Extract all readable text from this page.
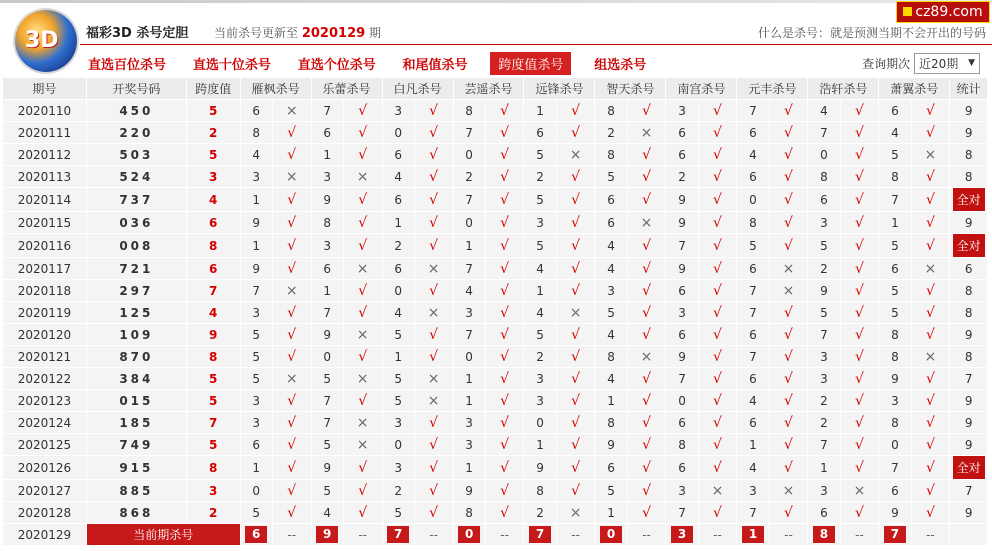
3D 福彩3D 杀号定胆 当前杀号更新至 2020129 期
cz89.com
什么是杀号：就是预测当期不会开出的号码
直选百位杀号 直选十位杀号 直选个位杀号 和尾值杀号 跨度值杀号 组选杀号	查询期次 近20期 ▼
期号	开奖号码	跨度值	雁枫杀号		乐蕾杀号		白凡杀号		芸遥杀号		远锋杀号		智天杀号		南宫杀号		元丰杀号		浩轩杀号		萧翼杀号		统计
2020110	450	5	6	×	7	√	3	√	8	√	1	√	8	√	3	√	7	√	4	√	6	√	9
2020111	220	2	8	√	6	√	0	√	7	√	6	√	2	×	6	√	6	√	7	√	4	√	9
2020112	503	5	4	√	1	√	6	√	0	√	5	×	8	√	6	√	4	√	0	√	5	×	8
2020113	524	3	3	×	3	×	4	√	2	√	2	√	5	√	2	√	6	√	8	√	8	√	8
2020114	737	4	1	√	9	√	6	√	7	√	5	√	6	√	9	√	0	√	6	√	7	√	全对
2020115	036	6	9	√	8	√	1	√	0	√	3	√	6	×	9	√	8	√	3	√	1	√	9
2020116	008	8	1	√	3	√	2	√	1	√	5	√	4	√	7	√	5	√	5	√	5	√	全对
2020117	721	6	9	√	6	×	6	×	7	√	4	√	4	√	9	√	6	×	2	√	6	×	6
2020118	297	7	7	×	1	√	0	√	4	√	1	√	3	√	6	√	7	×	9	√	5	√	8
2020119	125	4	3	√	7	√	4	×	3	√	4	×	5	√	3	√	7	√	5	√	5	√	8
2020120	109	9	5	√	9	×	5	√	7	√	5	√	4	√	6	√	6	√	7	√	8	√	9
2020121	870	8	5	√	0	√	1	√	0	√	2	√	8	×	9	√	7	√	3	√	8	×	8
2020122	384	5	5	×	5	×	5	×	1	√	3	√	4	√	7	√	6	√	3	√	9	√	7
2020123	015	5	3	√	7	√	5	×	1	√	3	√	1	√	0	√	4	√	2	√	3	√	9
2020124	185	7	3	√	7	×	3	√	3	√	0	√	8	√	6	√	6	√	2	√	8	√	9
2020125	749	5	6	√	5	×	0	√	3	√	1	√	9	√	8	√	1	√	7	√	0	√	9
2020126	915	8	1	√	9	√	3	√	1	√	9	√	6	√	6	√	4	√	1	√	7	√	全对
2020127	885	3	0	√	5	√	2	√	9	√	8	√	5	√	3	×	3	×	3	×	6	√	7
2020128	868	2	5	√	4	√	5	√	8	√	2	×	1	√	7	√	7	√	6	√	9	√	9
2020129	当前期杀号		6	--	9	--	7	--	0	--	7	--	0	--	3	--	1	--	8	--	7	--	
